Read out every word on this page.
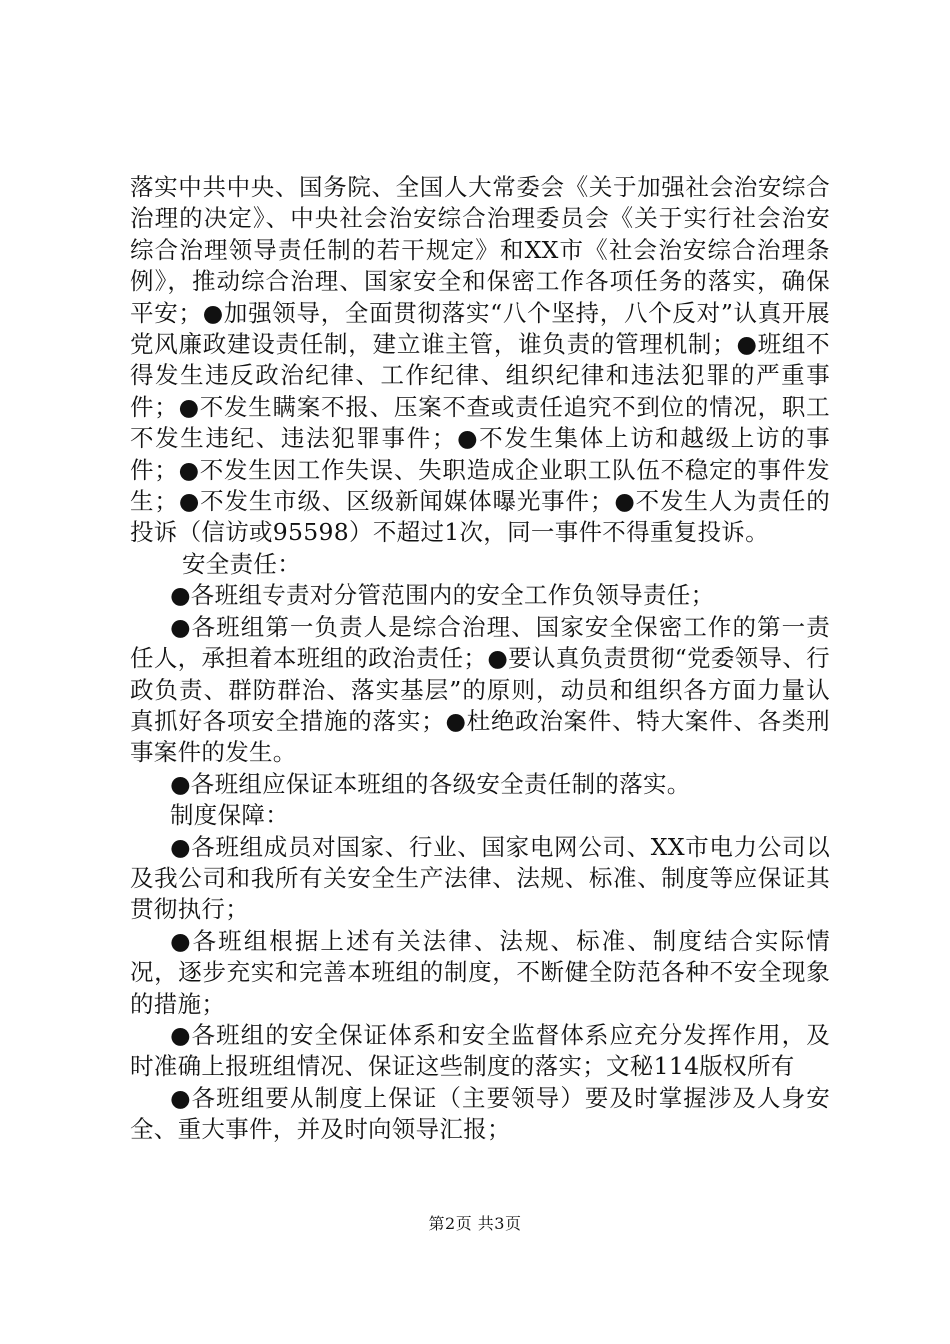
落实中共中央、国务院、全国人大常委会《关于加强社会治安综合治理的决定》、中央社会治安综合治理委员会《关于实行社会治安综合治理领导责任制的若干规定》和XX市《社会治安综合治理条例》，推动综合治理、国家安全和保密工作各项任务的落实，确保平安；●加强领导，全面贯彻落实“八个坚持，八个反对”认真开展党风廉政建设责任制，建立谁主管，谁负责的管理机制；●班组不得发生违反政治纪律、工作纪律、组织纪律和违法犯罪的严重事件；●不发生瞒案不报、压案不查或责任追究不到位的情况，职工不发生违纪、违法犯罪事件；●不发生集体上访和越级上访的事件；●不发生因工作失误、失职造成企业职工队伍不稳定的事件发生；●不发生市级、区级新闻媒体曝光事件；●不发生人为责任的投诉（信访或95598）不超过1次，同一事件不得重复投诉。

安全责任：

●各班组专责对分管范围内的安全工作负领导责任；

●各班组第一负责人是综合治理、国家安全保密工作的第一责任人，承担着本班组的政治责任；●要认真负责贯彻“党委领导、行政负责、群防群治、落实基层”的原则，动员和组织各方面力量认真抓好各项安全措施的落实；●杜绝政治案件、特大案件、各类刑事案件的发生。

●各班组应保证本班组的各级安全责任制的落实。

制度保障：

●各班组成员对国家、行业、国家电网公司、XX市电力公司以及我公司和我所有关安全生产法律、法规、标准、制度等应保证其贯彻执行；

●各班组根据上述有关法律、法规、标准、制度结合实际情况，逐步充实和完善本班组的制度，不断健全防范各种不安全现象的措施；

●各班组的安全保证体系和安全监督体系应充分发挥作用，及时准确上报班组情况、保证这些制度的落实；文秘114版权所有

●各班组要从制度上保证（主要领导）要及时掌握涉及人身安全、重大事件，并及时向领导汇报；

第2页 共3页
